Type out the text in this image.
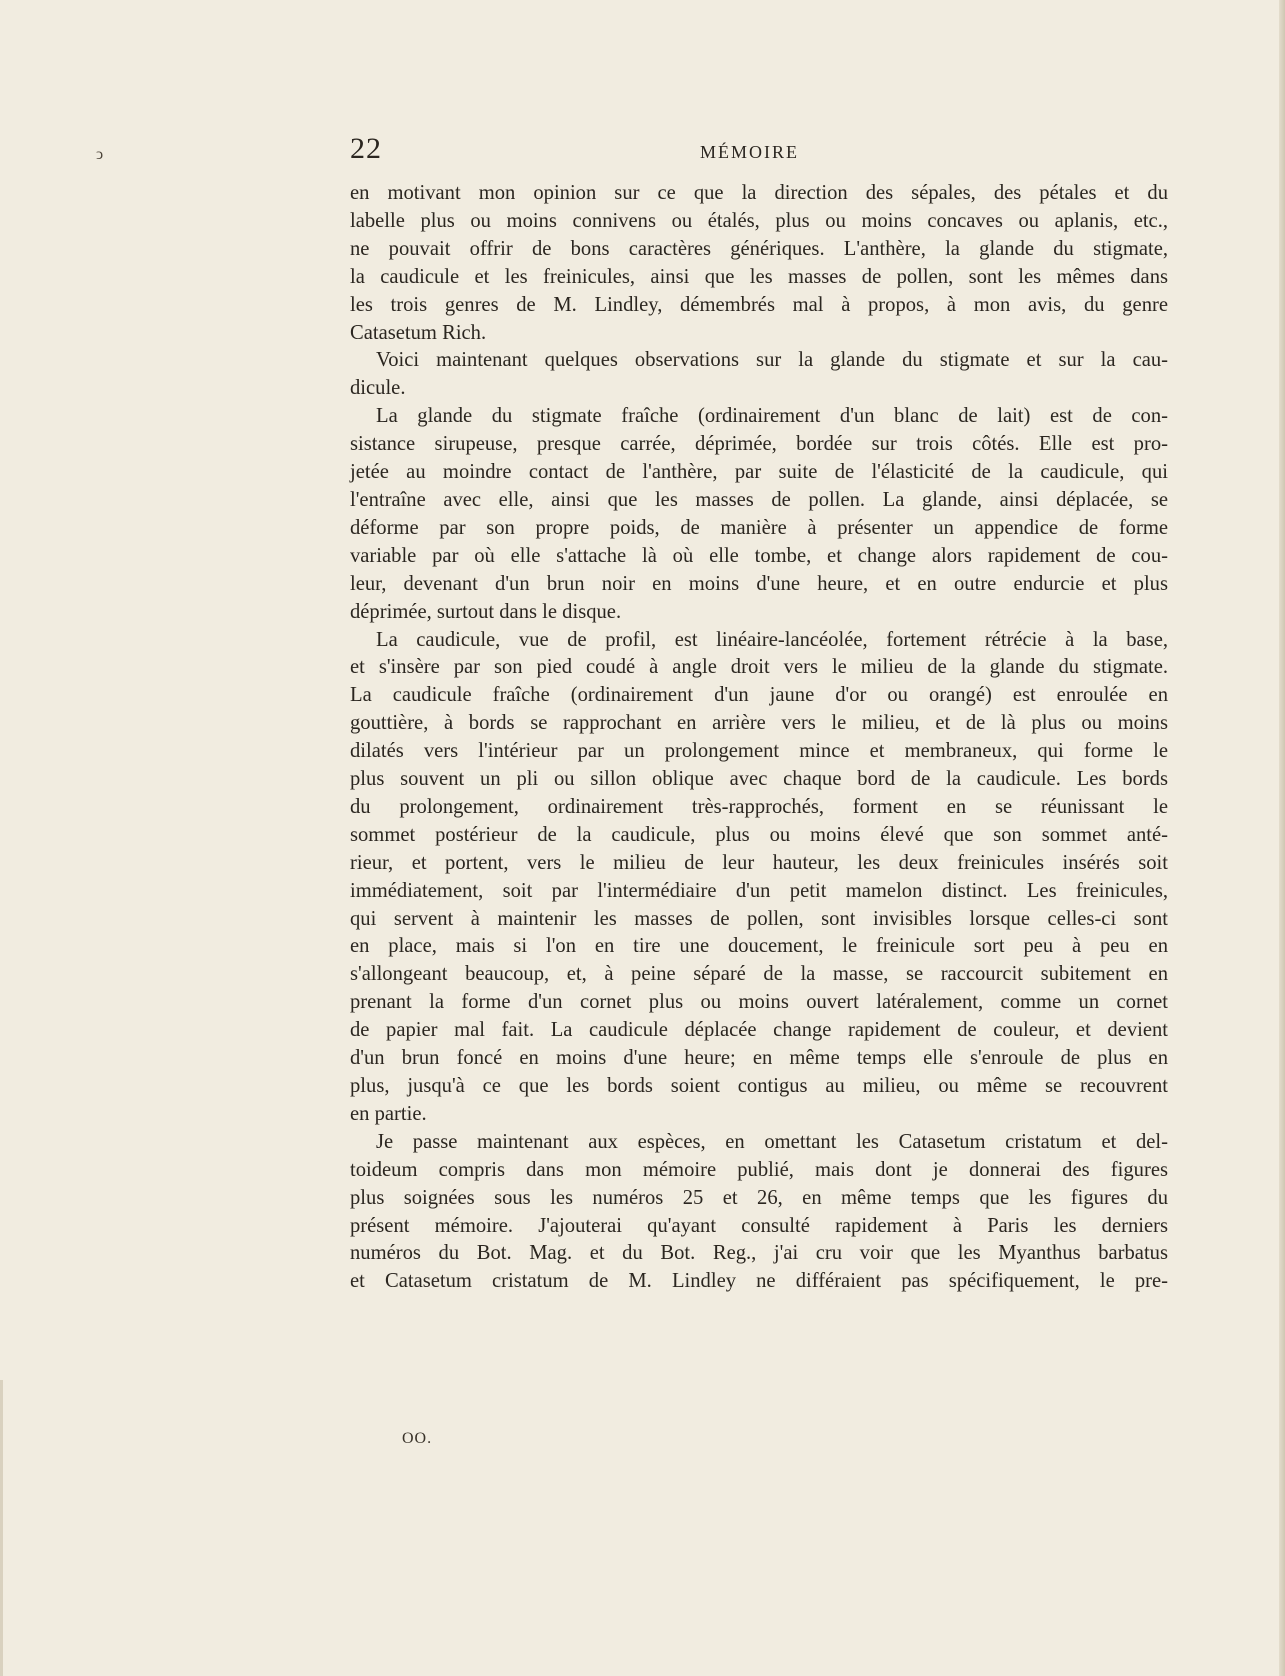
ↄ	22	MÉMOIRE

en motivant mon opinion sur ce que la direction des sépales, des pétales et du
labelle plus ou moins connivens ou étalés, plus ou moins concaves ou aplanis, etc.,
ne pouvait offrir de bons caractères génériques. L'anthère, la glande du stigmate,
la caudicule et les freinicules, ainsi que les masses de pollen, sont les mêmes dans
les trois genres de M. Lindley, démembrés mal à propos, à mon avis, du genre
Catasetum Rich.

Voici maintenant quelques observations sur la glande du stigmate et sur la cau-
dicule.

La glande du stigmate fraîche (ordinairement d'un blanc de lait) est de con-
sistance sirupeuse, presque carrée, déprimée, bordée sur trois côtés. Elle est pro-
jetée au moindre contact de l'anthère, par suite de l'élasticité de la caudicule, qui
l'entraîne avec elle, ainsi que les masses de pollen. La glande, ainsi déplacée, se
déforme par son propre poids, de manière à présenter un appendice de forme
variable par où elle s'attache là où elle tombe, et change alors rapidement de cou-
leur, devenant d'un brun noir en moins d'une heure, et en outre endurcie et plus
déprimée, surtout dans le disque.

La caudicule, vue de profil, est linéaire-lancéolée, fortement rétrécie à la base,
et s'insère par son pied coudé à angle droit vers le milieu de la glande du stigmate.
La caudicule fraîche (ordinairement d'un jaune d'or ou orangé) est enroulée en
gouttière, à bords se rapprochant en arrière vers le milieu, et de là plus ou moins
dilatés vers l'intérieur par un prolongement mince et membraneux, qui forme le
plus souvent un pli ou sillon oblique avec chaque bord de la caudicule. Les bords
du prolongement, ordinairement très-rapprochés, forment en se réunissant le
sommet postérieur de la caudicule, plus ou moins élevé que son sommet anté-
rieur, et portent, vers le milieu de leur hauteur, les deux freinicules insérés soit
immédiatement, soit par l'intermédiaire d'un petit mamelon distinct. Les freinicules,
qui servent à maintenir les masses de pollen, sont invisibles lorsque celles-ci sont
en place, mais si l'on en tire une doucement, le freinicule sort peu à peu en
s'allongeant beaucoup, et, à peine séparé de la masse, se raccourcit subitement en
prenant la forme d'un cornet plus ou moins ouvert latéralement, comme un cornet
de papier mal fait. La caudicule déplacée change rapidement de couleur, et devient
d'un brun foncé en moins d'une heure; en même temps elle s'enroule de plus en
plus, jusqu'à ce que les bords soient contigus au milieu, ou même se recouvrent
en partie.

Je passe maintenant aux espèces, en omettant les Catasetum cristatum et del-
toideum compris dans mon mémoire publié, mais dont je donnerai des figures
plus soignées sous les numéros 25 et 26, en même temps que les figures du
présent mémoire. J'ajouterai qu'ayant consulté rapidement à Paris les derniers
numéros du Bot. Mag. et du Bot. Reg., j'ai cru voir que les Myanthus barbatus
et Catasetum cristatum de M. Lindley ne différaient pas spécifiquement, le pre-

OO.
